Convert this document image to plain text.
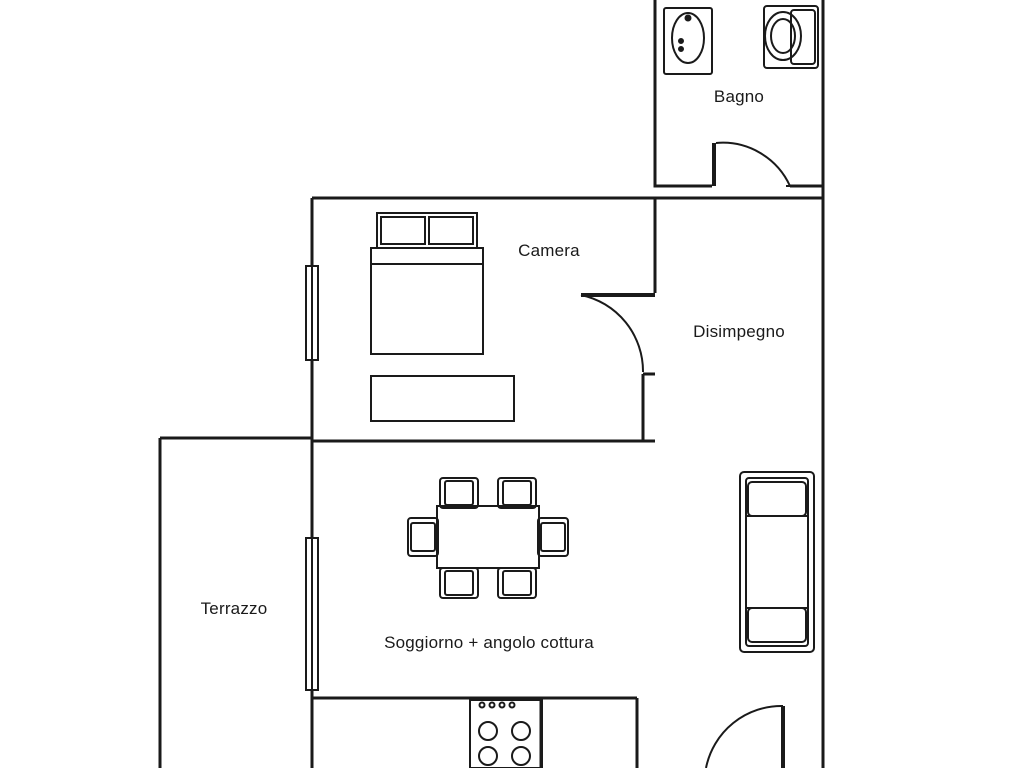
Bagno
Camera
Disimpegno
Terrazzo
Soggiorno + angolo cottura
